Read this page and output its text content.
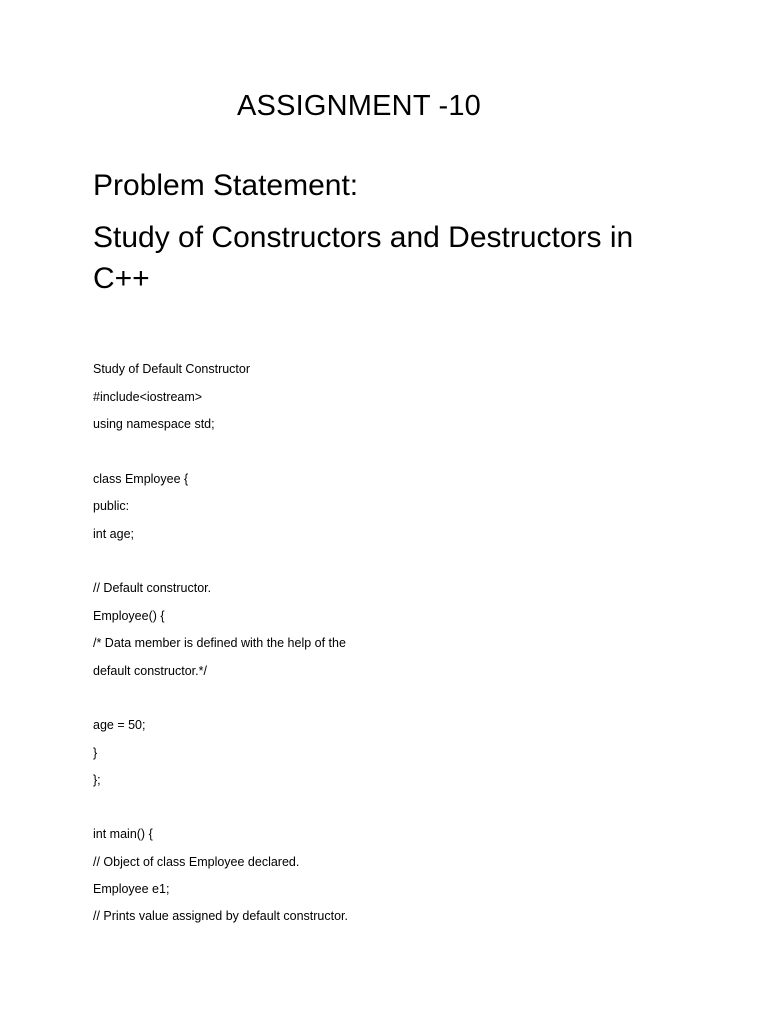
ASSIGNMENT -10
Problem Statement:
Study of Constructors and Destructors in
C++
Study of Default Constructor
#include<iostream>
using namespace std;
class Employee {
public:
int age;
// Default constructor.
Employee() {
/* Data member is defined with the help of the
default constructor.*/
age = 50;
}
};
int main() {
// Object of class Employee declared.
Employee e1;
// Prints value assigned by default constructor.
